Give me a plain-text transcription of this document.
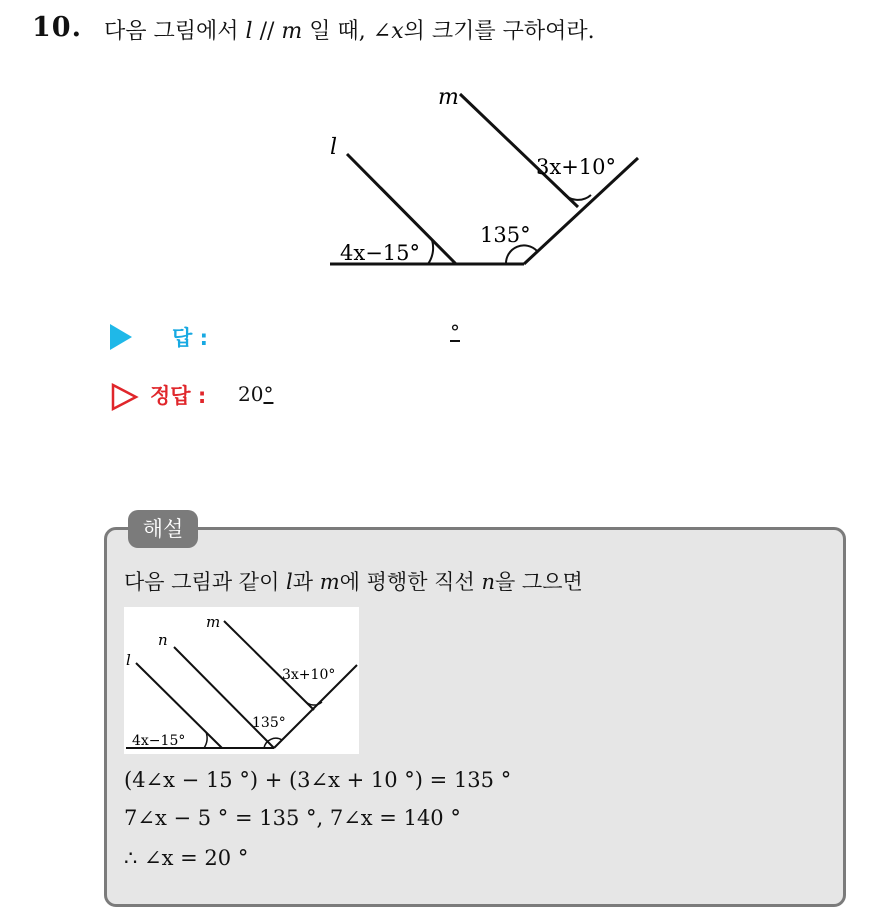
10. 다음 그림에서 l // m 일 때, ∠x의 크기를 구하여라.
m
l
3x+10°
135°
4x−15°
답 :	°
정답 : 20°
해설
다음 그림과 같이 l과 m에 평행한 직선 n을 그으면
m
n
l
3x+10°
135°
4x−15°
(4∠x − 15 °) + (3∠x + 10 °) = 135 °
7∠x − 5 ° = 135 °, 7∠x = 140 °
∴ ∠x = 20 °
